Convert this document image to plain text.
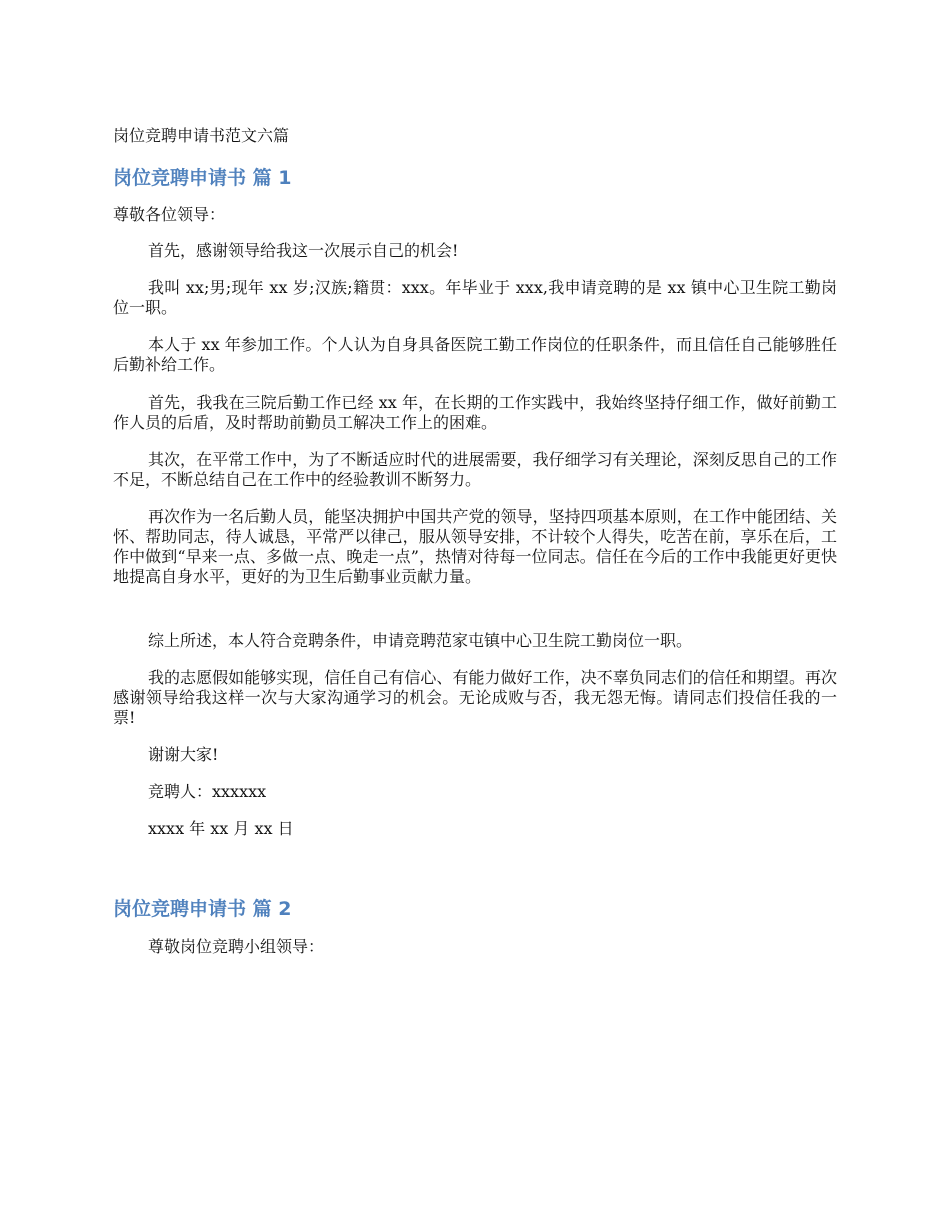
岗位竞聘申请书范文六篇
岗位竞聘申请书 篇 1
尊敬各位领导：

首先，感谢领导给我这一次展示自己的机会!

我叫 xx;男;现年 xx 岁;汉族;籍贯：xxx。年毕业于 xxx,我申请竞聘的是 xx 镇中心卫生院工勤岗位一职。

本人于 xx 年参加工作。个人认为自身具备医院工勤工作岗位的任职条件，而且信任自己能够胜任后勤补给工作。

首先，我我在三院后勤工作已经 xx 年，在长期的工作实践中，我始终坚持仔细工作，做好前勤工作人员的后盾，及时帮助前勤员工解决工作上的困难。

其次，在平常工作中，为了不断适应时代的进展需要，我仔细学习有关理论，深刻反思自己的工作不足，不断总结自己在工作中的经验教训不断努力。

再次作为一名后勤人员，能坚决拥护中国共产党的领导，坚持四项基本原则，在工作中能团结、关怀、帮助同志，待人诚恳，平常严以律己，服从领导安排，不计较个人得失，吃苦在前，享乐在后，工作中做到“早来一点、多做一点、晚走一点”，热情对待每一位同志。信任在今后的工作中我能更好更快地提高自身水平，更好的为卫生后勤事业贡献力量。

综上所述，本人符合竞聘条件，申请竞聘范家屯镇中心卫生院工勤岗位一职。

我的志愿假如能够实现，信任自己有信心、有能力做好工作，决不辜负同志们的信任和期望。再次感谢领导给我这样一次与大家沟通学习的机会。无论成败与否，我无怨无悔。请同志们投信任我的一票!

谢谢大家!

竞聘人：xxxxxx

xxxx 年 xx 月 xx 日

岗位竞聘申请书 篇 2

尊敬岗位竞聘小组领导：
